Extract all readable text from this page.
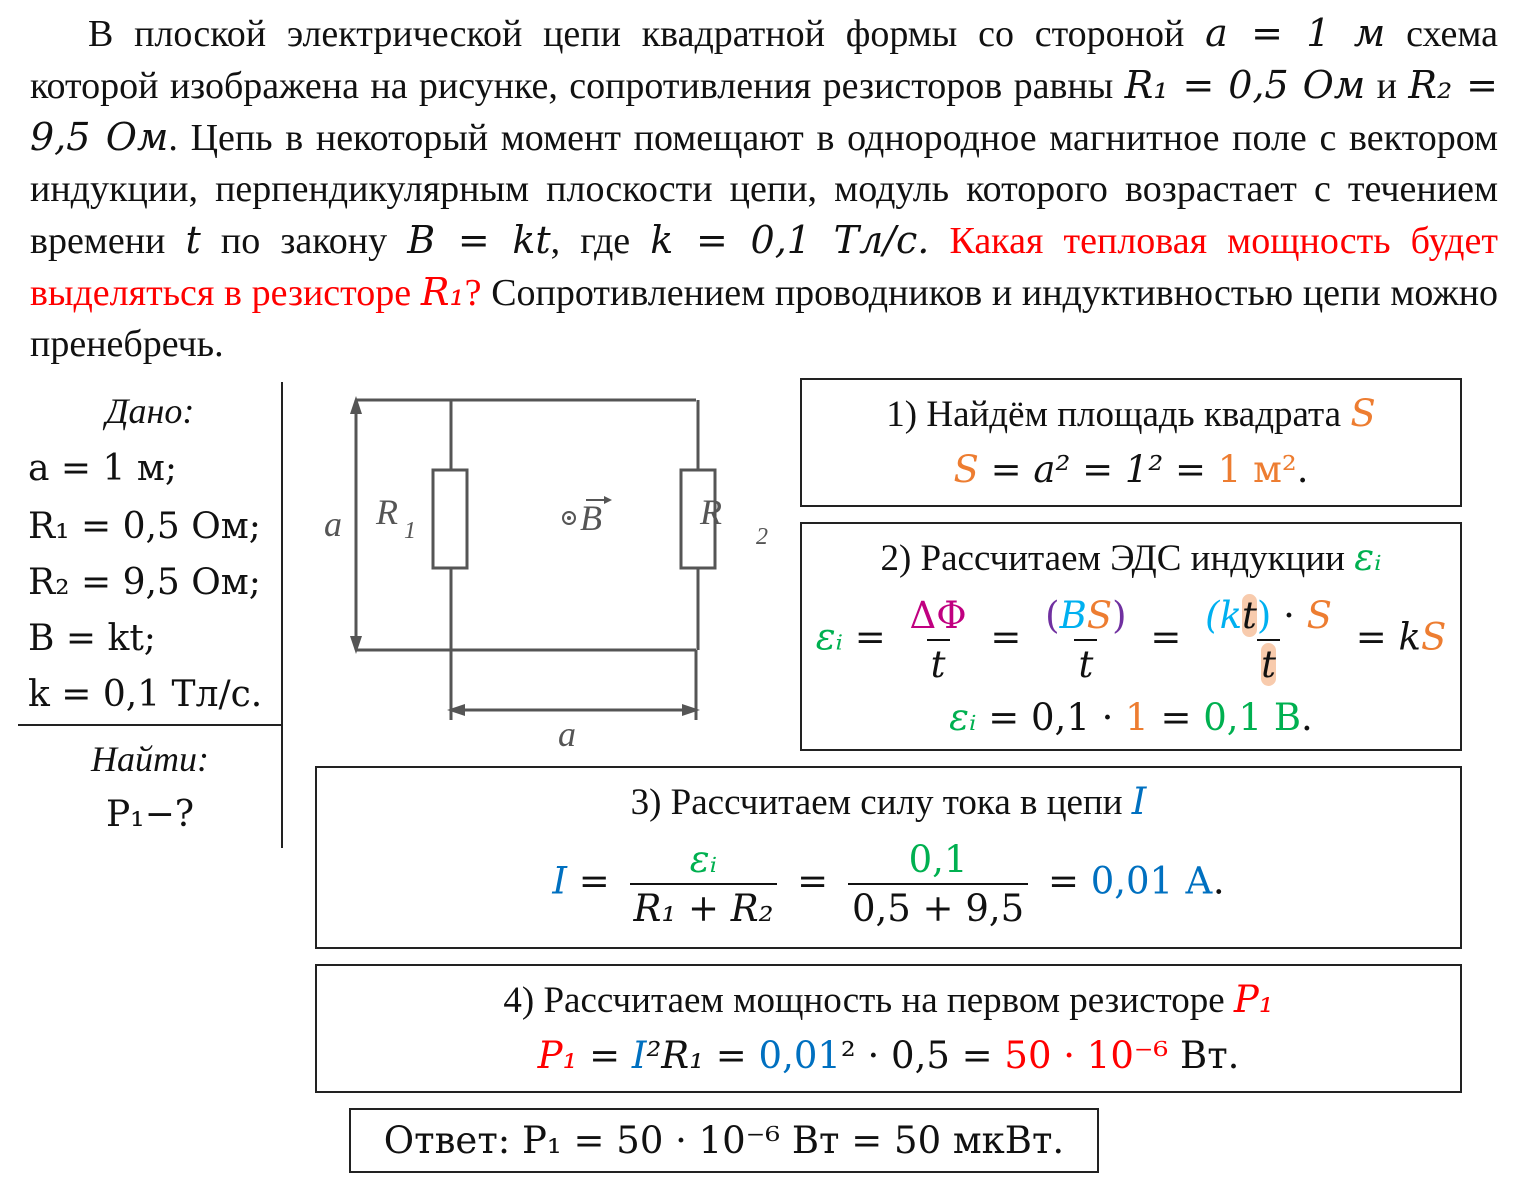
В плоской электрической цепи квадратной формы со стороной a = 1 м схема которой изображена на рисунке, сопротивления резисторов равны R₁ = 0,5 Ом и R₂ = 9,5 Ом. Цепь в некоторый момент помещают в однородное магнитное поле с вектором индукции, перпендикулярным плоскости цепи, модуль которого возрастает с течением времени t по закону B = kt, где k = 0,1 Тл/с. Какая тепловая мощность будет выделяться в резисторе R₁? Сопротивлением проводников и индуктивностью цепи можно пренебречь.

Дано:
a = 1 м;
R₁ = 0,5 Ом;
R₂ = 9,5 Ом;
B = kt;
k = 0,1 Тл/с.
Найти:
P₁−?
a
a
R 1	R
B	2
1) Найдём площадь квадрата S
S = a² = 1² = 1 м².
2) Рассчитаем ЭДС индукции εᵢ
εᵢ = $\frac{\Delta\Phi}{t} = \frac{(BS)}{t} = \frac{(kt) \cdot S}{t}$ = kS
εᵢ = 0,1 · 1 = 0,1 В.
3) Рассчитаем силу тока в цепи I
$I = \frac{\text{εᵢ}}{\text{R₁ + R₂}} = \frac{0,1}{0,5 + 9,5} = 0,01$ А.
4) Рассчитаем мощность на первом резисторе P₁
P₁ = I²R₁ = 0,01² · 0,5 = 50 · 10⁻⁶ Вт.
Ответ: P₁ = 50 · 10⁻⁶ Вт = 50 мкВт.
